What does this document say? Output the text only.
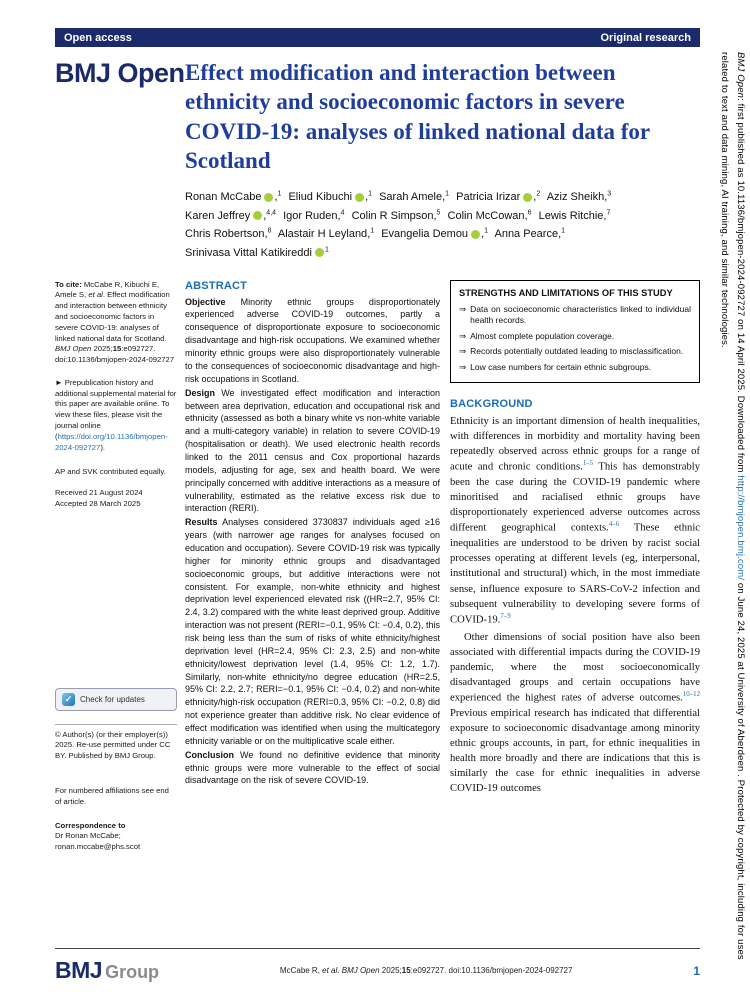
BMJ Open: first published as 10.1136/bmjopen-2024-092727 on 14 April 2025. Downloaded from http://bmjopen.bmj.com/ on June 24, 2025 at University of Aberdeen . Protected by copyright, including for uses related to text and data mining, AI training, and similar technologies.
Open access	Original research
BMJ Open Effect modification and interaction between ethnicity and socioeconomic factors in severe COVID-19: analyses of linked national data for Scotland
Ronan McCabe ,$^1$ Eliud Kibuchi ,$^1$ Sarah Amele,$^1$ Patricia Irizar ,$^2$ Aziz Sheikh,$^3$ Karen Jeffrey ,$^{4,4}$ Igor Ruden,$^4$ Colin R Simpson,$^5$ Colin McCowan,$^6$ Lewis Ritchie,$^7$ Chris Robertson,$^8$ Alastair H Leyland,$^1$ Evangelia Demou ,$^1$ Anna Pearce,$^1$ Srinivasa Vittal Katikireddi $^1$

To cite: McCabe R, Kibuchi E, Amele S, et al. Effect modification and interaction between ethnicity and socioeconomic factors in severe COVID-19: analyses of linked national data for Scotland. BMJ Open 2025;15:e092727. doi:10.1136/bmjopen-2024-092727

► Prepublication history and additional supplemental material for this paper are available online. To view these files, please visit the journal online (https://doi.org/10.1136/bmjopen-2024-092727).

AP and SVK contributed equally.

Received 21 August 2024

Accepted 28 March 2025

✓ Check for updates

© Author(s) (or their employer(s)) 2025. Re-use permitted under CC BY. Published by BMJ Group.

For numbered affiliations see end of article.

Correspondence to

Dr Ronan McCabe;

ronan.mccabe@phs.scot

ABSTRACT

Objective Minority ethnic groups disproportionately experienced adverse COVID-19 outcomes, partly a consequence of disproportionate exposure to socioeconomic disadvantage and high-risk occupations. We examined whether minority ethnic groups were also disproportionately vulnerable to the consequences of socioeconomic disadvantage and high-risk occupations in Scotland.

Design We investigated effect modification and interaction between area deprivation, education and occupational risk and ethnicity (assessed as both a binary white vs non-white variable and a multi-category variable) in relation to severe COVID-19 (hospitalisation or death). We used electronic health records linked to the 2011 census and Cox proportional hazards models, adjusting for age, sex and health board. We were principally concerned with additive interactions as a measure of vulnerability, estimated as the relative excess risk due to interaction (RERI).

Results Analyses considered 3730837 individuals aged ≥16 years (with narrower age ranges for analyses focused on education and occupation). Severe COVID-19 risk was typically higher for minority ethnic groups and disadvantaged socioeconomic groups, but additive interactions were not consistent. For example, non-white ethnicity and highest deprivation level experienced elevated risk ((HR=2.7, 95% CI: 2.4, 3.2) compared with the white least deprived group. Additive interaction was not present (RERI=−0.1, 95% CI: −0.4, 0.2), this risk being less than the sum of risks of white ethnicity/highest deprivation level (HR=2.4, 95% CI: 2.3, 2.5) and non-white ethnicity/lowest deprivation level (1.4, 95% CI: 1.2, 1.7). Similarly, non-white ethnicity/no degree education (HR=2.5, 95% CI: 2.2, 2.7; RERI=−0.1, 95% CI: −0.4, 0.2) and non-white ethnicity/high-risk occupation (RERI=0.3, 95% CI: −0.2, 0.8) did not experience greater than additive risk. No clear evidence of effect modification was identified when using the multicategory ethnicity variable or on the multiplicative scale either.

Conclusion We found no definitive evidence that minority ethnic groups were more vulnerable to the effect of social disadvantage on the risk of severe COVID-19.

STRENGTHS AND LIMITATIONS OF THIS STUDY

⇒ Data on socioeconomic characteristics linked to individual health records.
⇒ Almost complete population coverage.
⇒ Records potentially outdated leading to misclassification.
⇒ Low case numbers for certain ethnic subgroups.
BACKGROUND

Ethnicity is an important dimension of health inequalities, with differences in morbidity and mortality having been repeatedly observed across ethnic groups for a range of acute and chronic conditions.$^{1-5}$ This has demonstrably been the case during the COVID-19 pandemic where minoritised and racialised ethnic groups have disproportionately experienced adverse outcomes across different geographical contexts.$^{4-6}$ These ethnic inequalities are understood to be driven by racist social processes operating at different levels (eg, interpersonal, institutional and structural) which, in the most immediate sense, influence exposure to SARS-CoV-2 infection and subsequent vulnerability to developing severe forms of COVID-19.$^{7-9}$

Other dimensions of social position have also been associated with differential impacts during the COVID-19 pandemic, where the most socioeconomically disadvantaged groups and certain occupations have experienced the highest rates of adverse outcomes.$^{10-12}$ Previous empirical research has indicated that differential exposure to socioeconomic disadvantage among minority ethnic groups accounts, in part, for ethnic inequalities in health more broadly and there are indications that this is similarly the case for ethnic inequalities in adverse COVID-19 outcomes

BMJ Group	McCabe R, et al. BMJ Open 2025;15:e092727. doi:10.1136/bmjopen-2024-092727	1
